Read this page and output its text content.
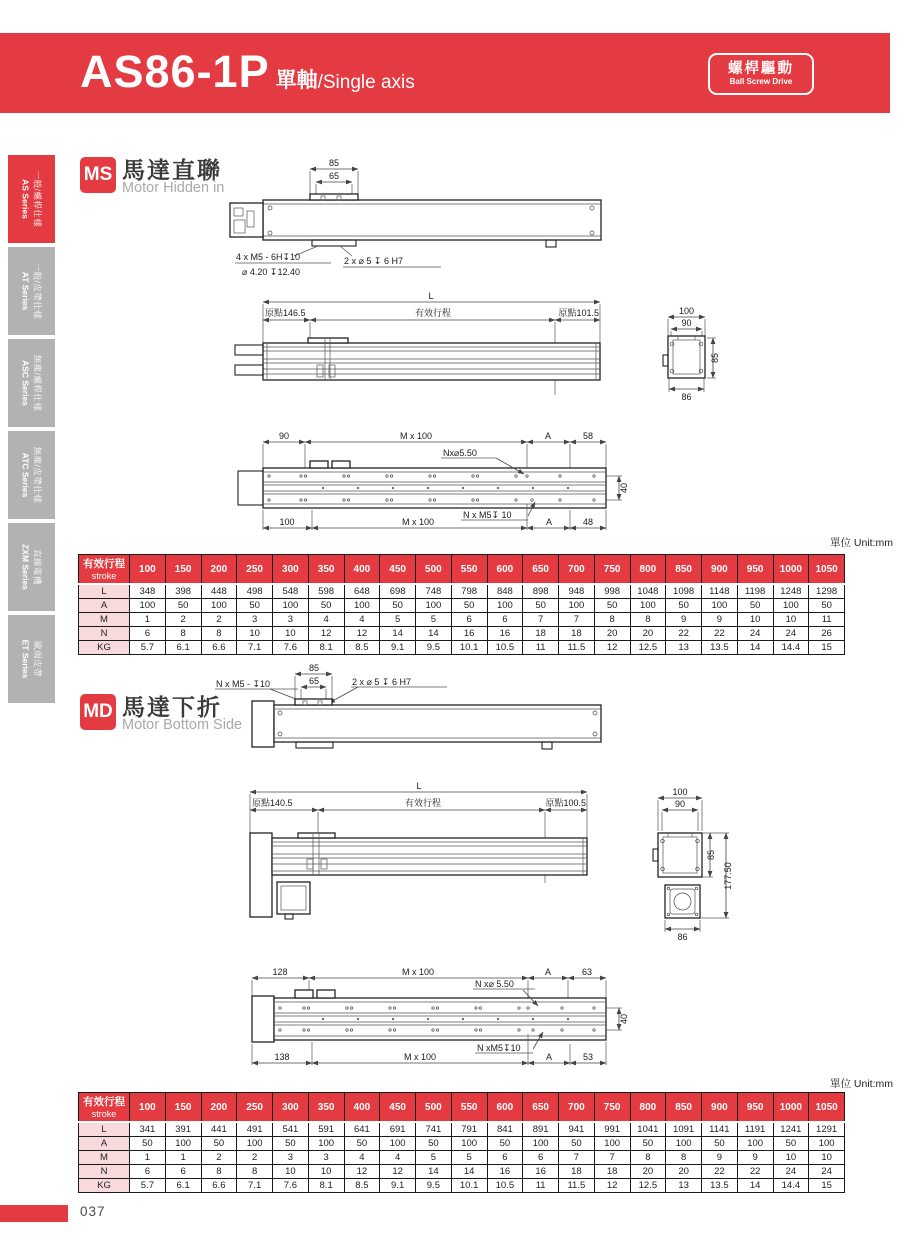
AS86-1P 單軸 /Single axis
螺桿驅動
Ball Screw Drive
一般/螺桿仕樣
AS Series
一般/皮帶仕樣
AT Series
無塵/螺桿仕樣
ASC Series
無塵/皮帶仕樣
ATC Series
直線電機
ZXM Series
歐規皮帶
ET Series
MS 馬達直聯
Motor Hidden in
85
65
4 x M5 - 6H↧10
⌀ 4.20 ↧12.40
2 x ⌀ 5 ↧ 6 H7
L
原點146.5	有效行程	原點101.5	100
90
85
86
90	M x 100	A	58
Nx⌀5.50
N x M5↧ 10
100	M x 100	A	48
40
單位 Unit:mm
有效行程
stroke	100	150	200	250	300	350	400	450	500	550	600	650	700	750	800	850	900	950	1000	1050
L	348	398	448	498	548	598	648	698	748	798	848	898	948	998	1048	1098	1148	1198	1248	1298
A	100	50	100	50	100	50	100	50	100	50	100	50	100	50	100	50	100	50	100	50
M	1	2	2	3	3	4	4	5	5	6	6	7	7	8	8	9	9	10	10	11
N	6	8	8	10	10	12	12	14	14	16	16	18	18	20	20	22	22	24	24	26
KG	5.7	6.1	6.6	7.1	7.6	8.1	8.5	9.1	9.5	10.1	10.5	11	11.5	12	12.5	13	13.5	14	14.4	15
MD 馬達下折
Motor Bottom Side
N x M5 - ↧10
85
65	2 x ⌀ 5 ↧ 6 H7
L
原點140.5	有效行程	原點100.5
100
90
85
177.50
86
128	M x 100	A	63
N x⌀ 5.50
N xM5↧10
138	M x 100	A	53
40
單位 Unit:mm
有效行程
stroke	100	150	200	250	300	350	400	450	500	550	600	650	700	750	800	850	900	950	1000	1050
L	341	391	441	491	541	591	641	691	741	791	841	891	941	991	1041	1091	1141	1191	1241	1291
A	50	100	50	100	50	100	50	100	50	100	50	100	50	100	50	100	50	100	50	100
M	1	1	2	2	3	3	4	4	5	5	6	6	7	7	8	8	9	9	10	10
N	6	6	8	8	10	10	12	12	14	14	16	16	18	18	20	20	22	22	24	24
KG	5.7	6.1	6.6	7.1	7.6	8.1	8.5	9.1	9.5	10.1	10.5	11	11.5	12	12.5	13	13.5	14	14.4	15
037
